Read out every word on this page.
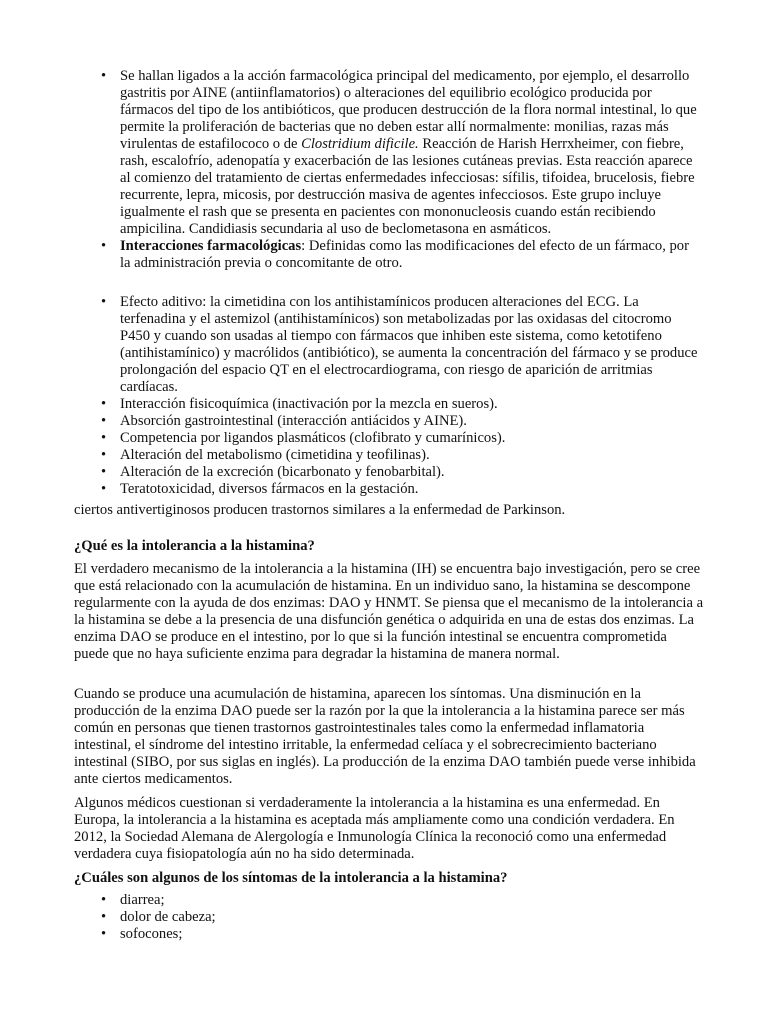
• Se hallan ligados a la acción farmacológica principal del medicamento, por ejemplo, el desarrollo gastritis por AINE (antiinflamatorios) o alteraciones del equilibrio ecológico producida por fármacos del tipo de los antibióticos, que producen destrucción de la flora normal intestinal, lo que permite la proliferación de bacterias que no deben estar allí normalmente: monilias, razas más virulentas de estafilococo o de Clostridium dificile. Reacción de Harish Herrxheimer, con fiebre, rash, escalofrío, adenopatía y exacerbación de las lesiones cutáneas previas. Esta reacción aparece al comienzo del tratamiento de ciertas enfermedades infecciosas: sífilis, tifoidea, brucelosis, fiebre recurrente, lepra, micosis, por destrucción masiva de agentes infecciosos. Este grupo incluye igualmente el rash que se presenta en pacientes con mononucleosis cuando están recibiendo ampicilina. Candidiasis secundaria al uso de beclometasona en asmáticos.
• Interacciones farmacológicas: Definidas como las modificaciones del efecto de un fármaco, por la administración previa o concomitante de otro.
• Efecto aditivo: la cimetidina con los antihistamínicos producen alteraciones del ECG. La terfenadina y el astemizol (antihistamínicos) son metabolizadas por las oxidasas del citocromo P450 y cuando son usadas al tiempo con fármacos que inhiben este sistema, como ketotifeno (antihistamínico) y macrólidos (antibiótico), se aumenta la concentración del fármaco y se produce prolongación del espacio QT en el electrocardiograma, con riesgo de aparición de arritmias cardíacas.
• Interacción fisicoquímica (inactivación por la mezcla en sueros).
• Absorción gastrointestinal (interacción antiácidos y AINE).
• Competencia por ligandos plasmáticos (clofibrato y cumarínicos).
• Alteración del metabolismo (cimetidina y teofilinas).
• Alteración de la excreción (bicarbonato y fenobarbital).
• Teratotoxicidad, diversos fármacos en la gestación.

ciertos antivertiginosos producen trastornos similares a la enfermedad de Parkinson.

¿Qué es la intolerancia a la histamina?

El verdadero mecanismo de la intolerancia a la histamina (IH) se encuentra bajo investigación, pero se cree que está relacionado con la acumulación de histamina. En un individuo sano, la histamina se descompone regularmente con la ayuda de dos enzimas: DAO y HNMT. Se piensa que el mecanismo de la intolerancia a la histamina se debe a la presencia de una disfunción genética o adquirida en una de estas dos enzimas. La enzima DAO se produce en el intestino, por lo que si la función intestinal se encuentra comprometida puede que no haya suficiente enzima para degradar la histamina de manera normal.

Cuando se produce una acumulación de histamina, aparecen los síntomas. Una disminución en la producción de la enzima DAO puede ser la razón por la que la intolerancia a la histamina parece ser más común en personas que tienen trastornos gastrointestinales tales como la enfermedad inflamatoria intestinal, el síndrome del intestino irritable, la enfermedad celíaca y el sobrecrecimiento bacteriano intestinal (SIBO, por sus siglas en inglés). La producción de la enzima DAO también puede verse inhibida ante ciertos medicamentos.

Algunos médicos cuestionan si verdaderamente la intolerancia a la histamina es una enfermedad. En Europa, la intolerancia a la histamina es aceptada más ampliamente como una condición verdadera. En 2012, la Sociedad Alemana de Alergología e Inmunología Clínica la reconoció como una enfermedad verdadera cuya fisiopatología aún no ha sido determinada.

¿Cuáles son algunos de los síntomas de la intolerancia a la histamina?

• diarrea;
• dolor de cabeza;
• sofocones;
